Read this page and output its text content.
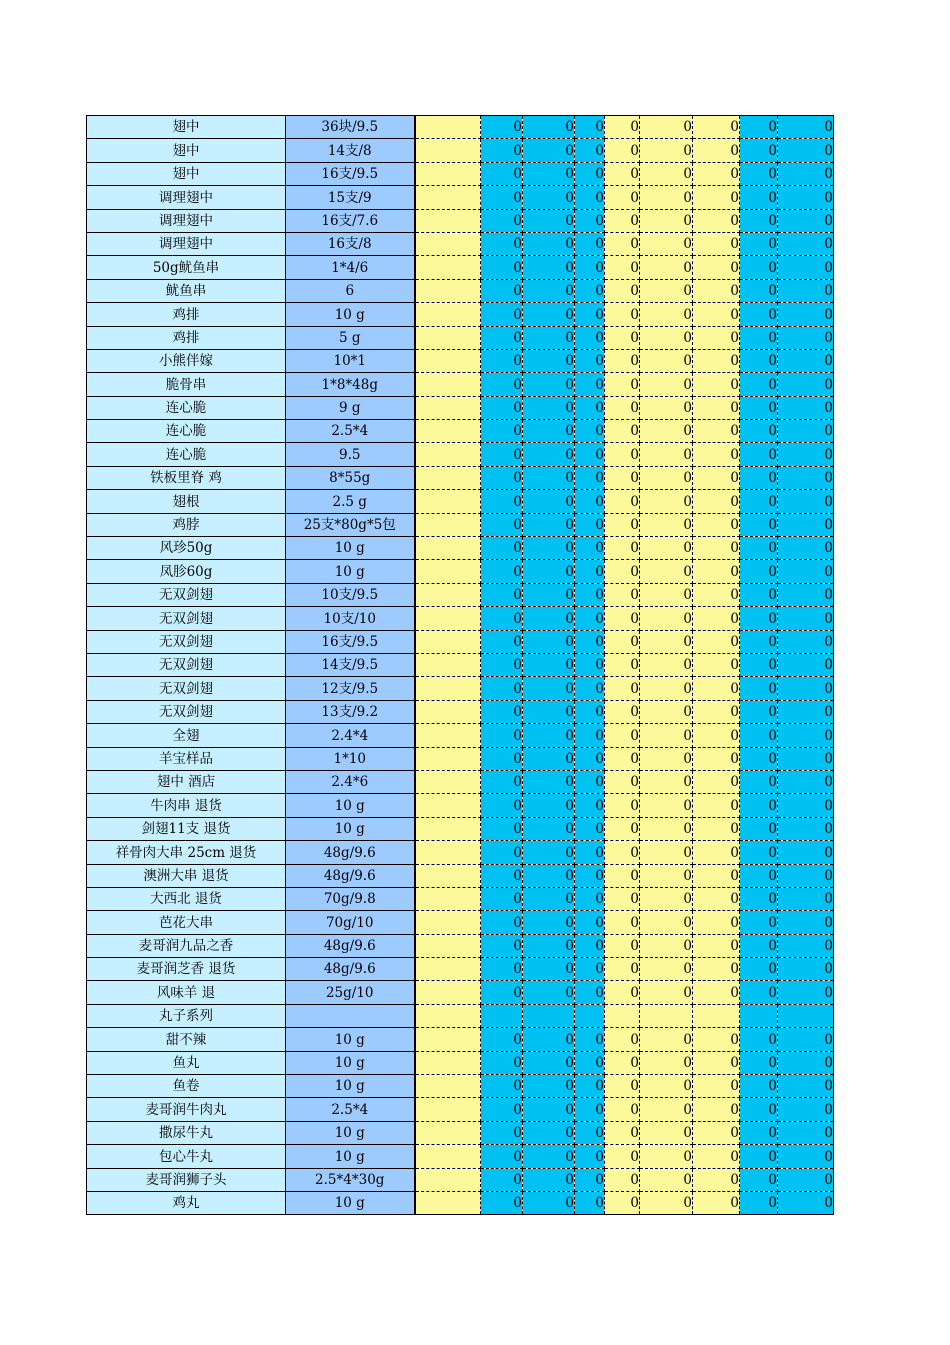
翅中	36块/9.5		0	0	0	0	0	0	0	0
翅中	14支/8		0	0	0	0	0	0	0	0
翅中	16支/9.5		0	0	0	0	0	0	0	0
调理翅中	15支/9		0	0	0	0	0	0	0	0
调理翅中	16支/7.6		0	0	0	0	0	0	0	0
调理翅中	16支/8		0	0	0	0	0	0	0	0
50g鱿鱼串	1*4/6		0	0	0	0	0	0	0	0
鱿鱼串	6		0	0	0	0	0	0	0	0
鸡排	10 g		0	0	0	0	0	0	0	0
鸡排	5 g		0	0	0	0	0	0	0	0
小熊伴嫁	10*1		0	0	0	0	0	0	0	0
脆骨串	1*8*48g		0	0	0	0	0	0	0	0
连心脆	9 g		0	0	0	0	0	0	0	0
连心脆	2.5*4		0	0	0	0	0	0	0	0
连心脆	9.5		0	0	0	0	0	0	0	0
铁板里脊 鸡	8*55g		0	0	0	0	0	0	0	0
翅根	2.5 g		0	0	0	0	0	0	0	0
鸡脖	25支*80g*5包		0	0	0	0	0	0	0	0
风珍50g	10 g		0	0	0	0	0	0	0	0
凤胗60g	10 g		0	0	0	0	0	0	0	0
无双剑翅	10支/9.5		0	0	0	0	0	0	0	0
无双剑翅	10支/10		0	0	0	0	0	0	0	0
无双剑翅	16支/9.5		0	0	0	0	0	0	0	0
无双剑翅	14支/9.5		0	0	0	0	0	0	0	0
无双剑翅	12支/9.5		0	0	0	0	0	0	0	0
无双剑翅	13支/9.2		0	0	0	0	0	0	0	0
全翅	2.4*4		0	0	0	0	0	0	0	0
羊宝样品	1*10		0	0	0	0	0	0	0	0
翅中 酒店	2.4*6		0	0	0	0	0	0	0	0
牛肉串 退货	10 g		0	0	0	0	0	0	0	0
剑翅11支 退货	10 g		0	0	0	0	0	0	0	0
祥骨肉大串 25cm 退货	48g/9.6		0	0	0	0	0	0	0	0
澳洲大串 退货	48g/9.6		0	0	0	0	0	0	0	0
大西北 退货	70g/9.8		0	0	0	0	0	0	0	0
芭花大串	70g/10		0	0	0	0	0	0	0	0
麦哥润九品之香	48g/9.6		0	0	0	0	0	0	0	0
麦哥润芝香 退货	48g/9.6		0	0	0	0	0	0	0	0
风味羊 退	25g/10		0	0	0	0	0	0	0	0
丸子系列										
甜不辣	10 g		0	0	0	0	0	0	0	0
鱼丸	10 g		0	0	0	0	0	0	0	0
鱼卷	10 g		0	0	0	0	0	0	0	0
麦哥润牛肉丸	2.5*4		0	0	0	0	0	0	0	0
撒尿牛丸	10 g		0	0	0	0	0	0	0	0
包心牛丸	10 g		0	0	0	0	0	0	0	0
麦哥润狮子头	2.5*4*30g		0	0	0	0	0	0	0	0
鸡丸	10 g		0	0	0	0	0	0	0	0
